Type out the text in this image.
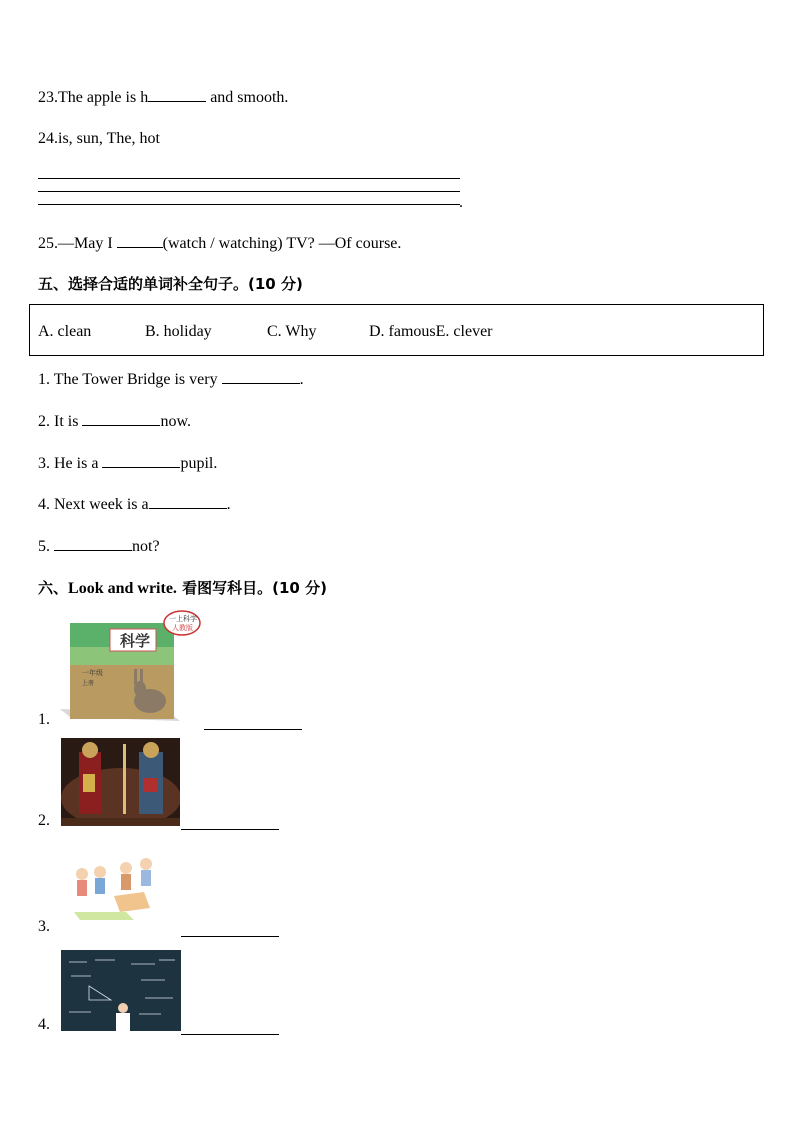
23.The apple is h	and smooth.
24.is, sun, The, hot
.
25.—May I	(watch / watching) TV? —Of course.
五、选择合适的单词补全句子。(10 分)
A. clean	B. holiday	C. Why	D. famousE. clever
1. The Tower Bridge is very	.
2. It is	now.
3. He is a	pupil.
4. Next week is a	.
5.	not?
六、Look and write. 看图写科目。(10 分)
1.
科学
一上科学
人教版
一年级
上册
2.
3.
4.
